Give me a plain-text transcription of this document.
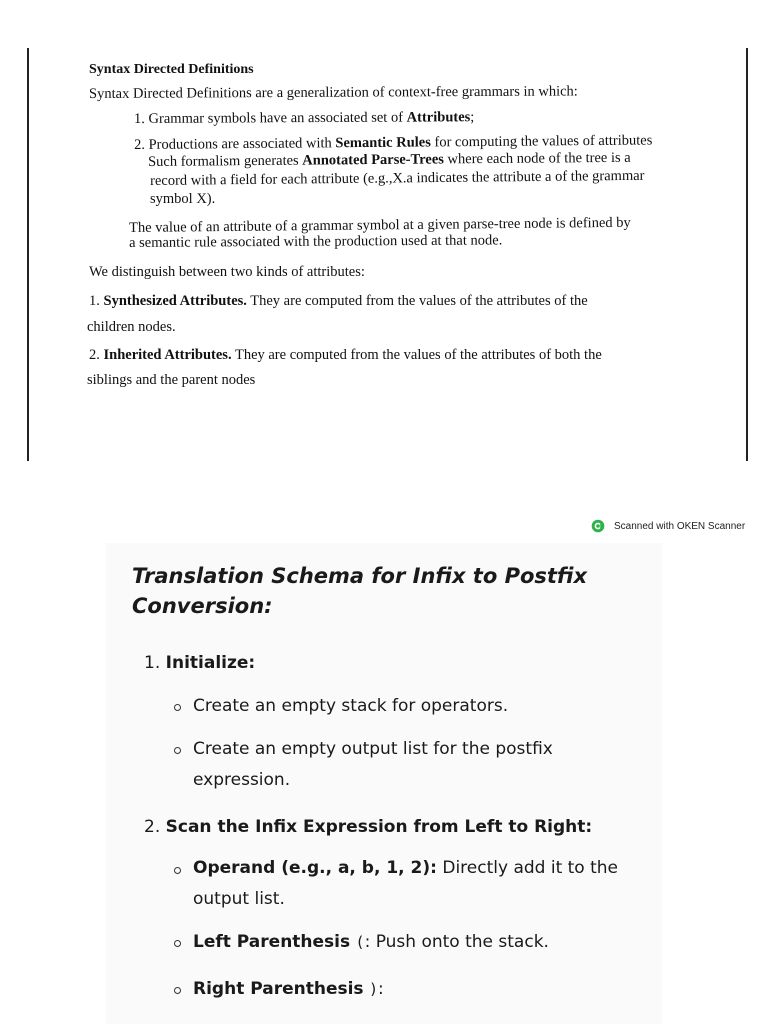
Syntax Directed Definitions
Syntax Directed Definitions are a generalization of context-free grammars in which:
1. Grammar symbols have an associated set of Attributes;
2. Productions are associated with Semantic Rules for computing the values of attributes
Such formalism generates Annotated Parse-Trees where each node of the tree is a
record with a field for each attribute (e.g.,X.a indicates the attribute a of the grammar
symbol X).
The value of an attribute of a grammar symbol at a given parse-tree node is defined by
a semantic rule associated with the production used at that node.
We distinguish between two kinds of attributes:
1. Synthesized Attributes. They are computed from the values of the attributes of the
children nodes.
2. Inherited Attributes. They are computed from the values of the attributes of both the
siblings and the parent nodes
Scanned with OKEN Scanner
Translation Schema for Infix to Postfix
Conversion:
1. Initialize:
Create an empty stack for operators.
Create an empty output list for the postfix
expression.
2. Scan the Infix Expression from Left to Right:
Operand (e.g., a, b, 1, 2): Directly add it to the
output list.
Left Parenthesis (: Push onto the stack.
Right Parenthesis ):
